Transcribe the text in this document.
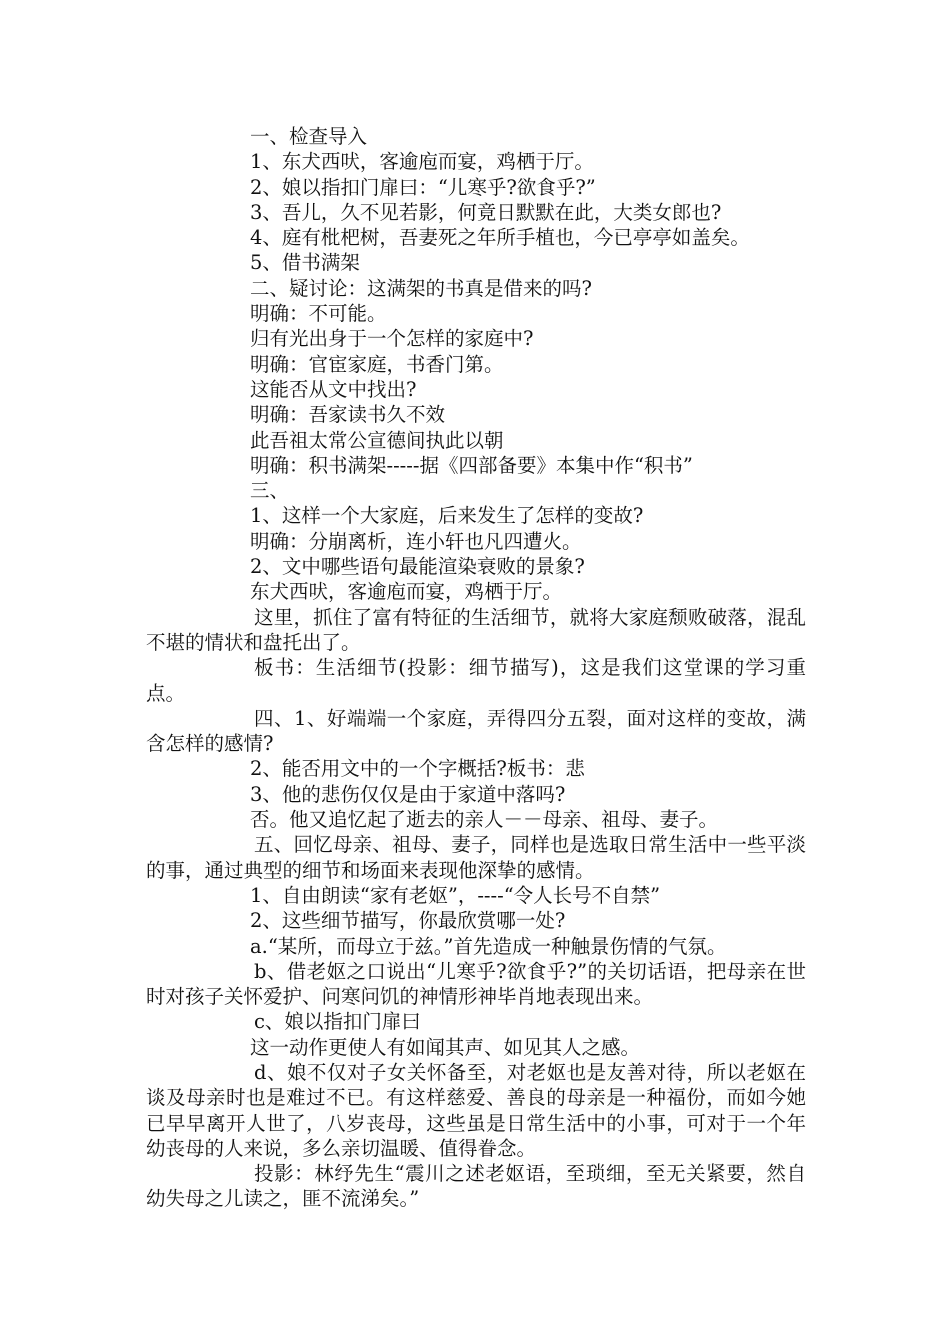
一、检查导入

1、东犬西吠，客逾庖而宴，鸡栖于厅。

2、娘以指扣门扉曰：“儿寒乎?欲食乎?”

3、吾儿，久不见若影，何竟日默默在此，大类女郎也?

4、庭有枇杷树，吾妻死之年所手植也，今已亭亭如盖矣。

5、借书满架

二、疑讨论：这满架的书真是借来的吗?

明确：不可能。

归有光出身于一个怎样的家庭中?

明确：官宦家庭，书香门第。

这能否从文中找出?

明确：吾家读书久不效

此吾祖太常公宣德间执此以朝

明确：积书满架-----据《四部备要》本集中作“积书”

三、

1、这样一个大家庭，后来发生了怎样的变故?

明确：分崩离析，连小轩也凡四遭火。

2、文中哪些语句最能渲染衰败的景象?

东犬西吠，客逾庖而宴，鸡栖于厅。

这里，抓住了富有特征的生活细节，就将大家庭颓败破落，混乱不堪的情状和盘托出了。

板书：生活细节(投影：细节描写)，这是我们这堂课的学习重点。

四、1、好端端一个家庭，弄得四分五裂，面对这样的变故，满含怎样的感情?

2、能否用文中的一个字概括?板书：悲

3、他的悲伤仅仅是由于家道中落吗?

否。他又追忆起了逝去的亲人－－母亲、祖母、妻子。

五、回忆母亲、祖母、妻子，同样也是选取日常生活中一些平淡的事，通过典型的细节和场面来表现他深挚的感情。

1、自由朗读“家有老妪”，----“令人长号不自禁”

2、这些细节描写，你最欣赏哪一处?

a.“某所，而母立于兹。”首先造成一种触景伤情的气氛。

b、借老妪之口说出“儿寒乎?欲食乎?”的关切话语，把母亲在世时对孩子关怀爱护、问寒问饥的神情形神毕肖地表现出来。

c、娘以指扣门扉曰

这一动作更使人有如闻其声、如见其人之感。

d、娘不仅对子女关怀备至，对老妪也是友善对待，所以老妪在谈及母亲时也是难过不已。有这样慈爱、善良的母亲是一种福份，而如今她已早早离开人世了，八岁丧母，这些虽是日常生活中的小事，可对于一个年幼丧母的人来说，多么亲切温暖、值得眷念。

投影：林纾先生“震川之述老妪语，至琐细，至无关紧要，然自幼失母之儿读之，匪不流涕矣。”
